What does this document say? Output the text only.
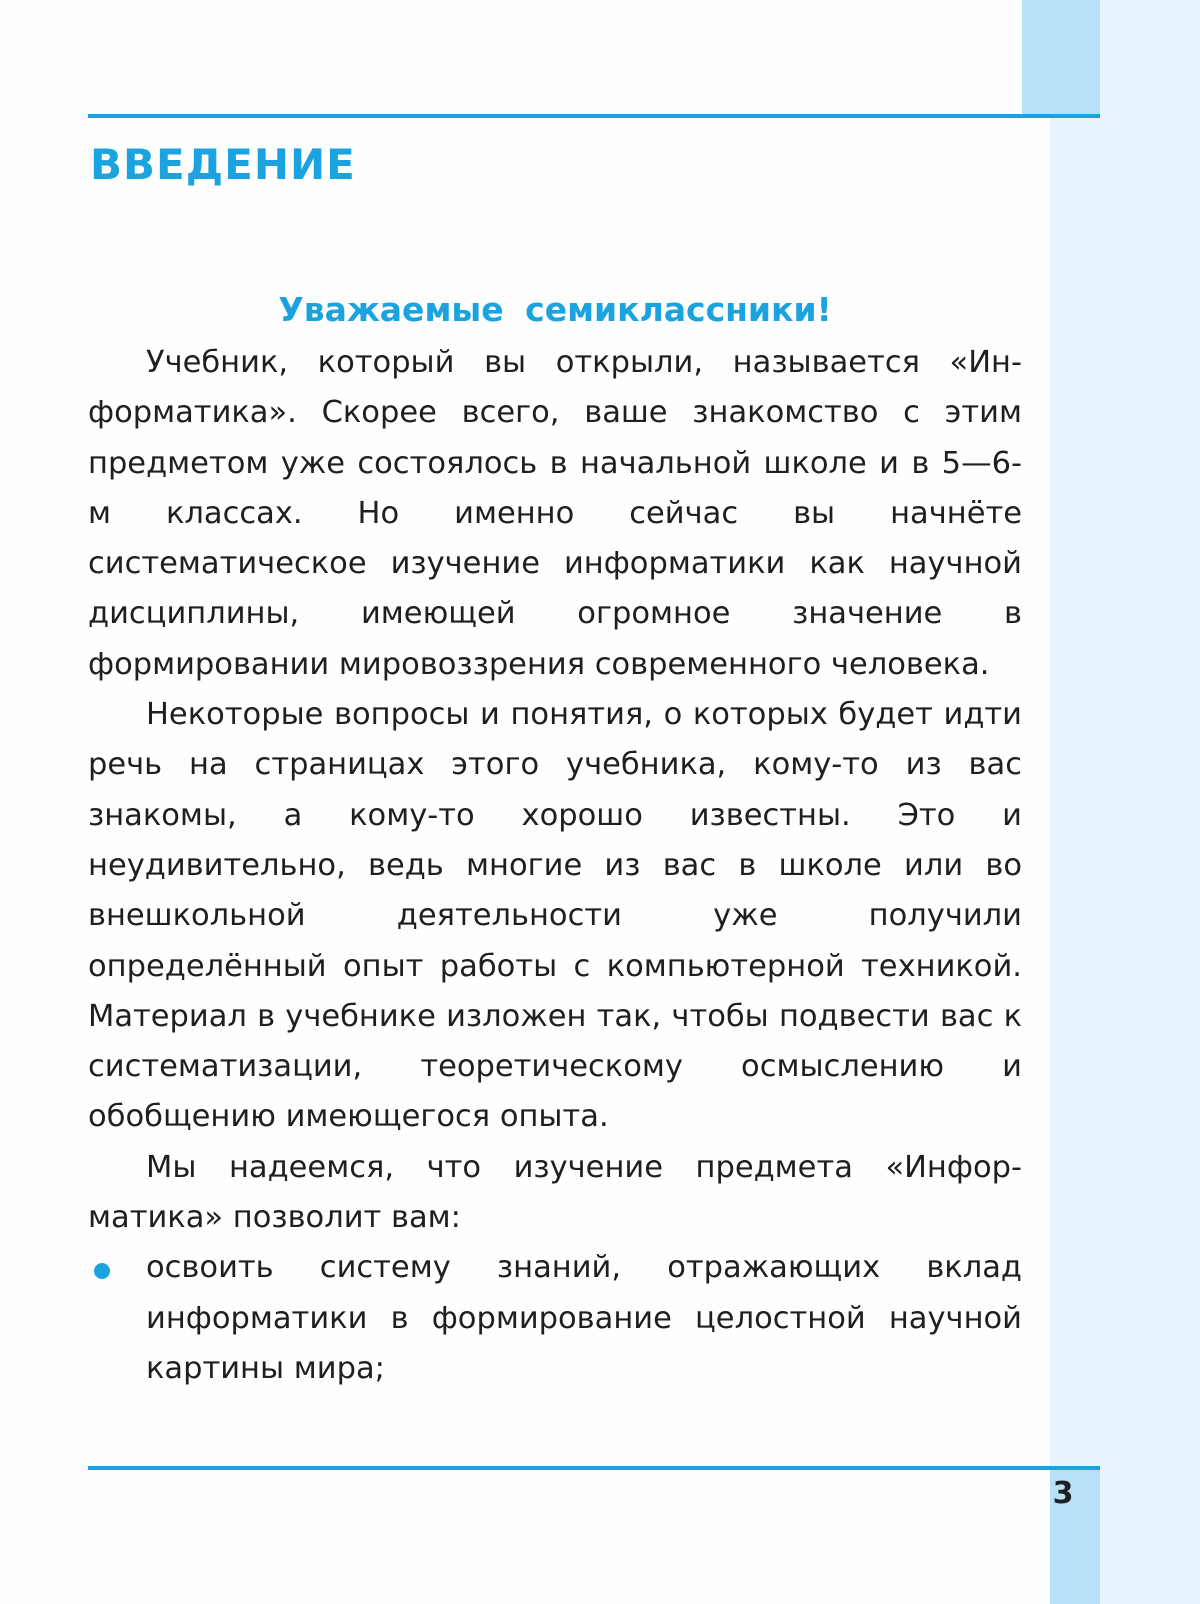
ВВЕДЕНИЕ
Уважаемые семиклассники!

Учебник, который вы открыли, называется «Информатика». Скорее всего, ваше знакомство с этим предметом уже состоялось в начальной школе и в 5—6-м классах. Но именно сейчас вы начнёте систематическое изучение информатики как научной дисциплины, имеющей огромное значение в формировании мировоззрения современного человека.

Некоторые вопросы и понятия, о которых будет идти речь на страницах этого учебника, кому-то из вас знакомы, а кому-то хорошо известны. Это и неудивительно, ведь многие из вас в школе или во внешкольной деятельности уже получили определённый опыт работы с компьютерной техникой. Материал в учебнике изложен так, чтобы подвести вас к систематизации, теоретическому осмыслению и обобщению имеющегося опыта.

Мы надеемся, что изучение предмета «Информатика» позволит вам:

освоить систему знаний, отражающих вклад информатики в формирование целостной научной картины мира;
3
